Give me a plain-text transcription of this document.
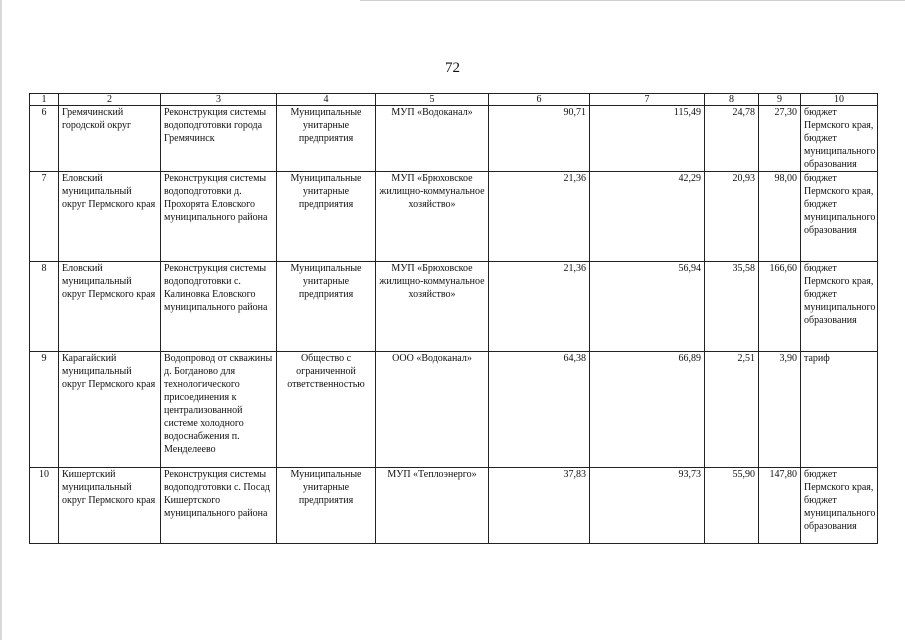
72
1	2	3	4	5	6	7	8	9	10
6	Гремячинский городской округ	Реконструкция системы водоподготовки города Гремячинск	Муниципальные унитарные предприятия	МУП «Водоканал»	90,71	115,49	24,78	27,30	бюджет Пермского края, бюджет муниципального образования
7	Еловский муниципальный округ Пермского края	Реконструкция системы водоподготовки д. Прохорята Еловского муниципального района	Муниципальные унитарные предприятия	МУП «Брюховское жилищно-коммунальное хозяйство»	21,36	42,29	20,93	98,00	бюджет Пермского края, бюджет муниципального образования
8	Еловский муниципальный округ Пермского края	Реконструкция системы водоподготовки с. Калиновка Еловского муниципального района	Муниципальные унитарные предприятия	МУП «Брюховское жилищно-коммунальное хозяйство»	21,36	56,94	35,58	166,60	бюджет Пермского края, бюджет муниципального образования
9	Карагайский муниципальный округ Пермского края	Водопровод от скважины д. Богданово для технологического присоединения к централизованной системе холодного водоснабжения п. Менделеево	Общество с ограниченной ответственностью	ООО «Водоканал»	64,38	66,89	2,51	3,90	тариф
10	Кишертский муниципальный округ Пермского края	Реконструкция системы водоподготовки с. Посад Кишертского муниципального района	Муниципальные унитарные предприятия	МУП «Теплоэнерго»	37,83	93,73	55,90	147,80	бюджет Пермского края, бюджет муниципального образования
